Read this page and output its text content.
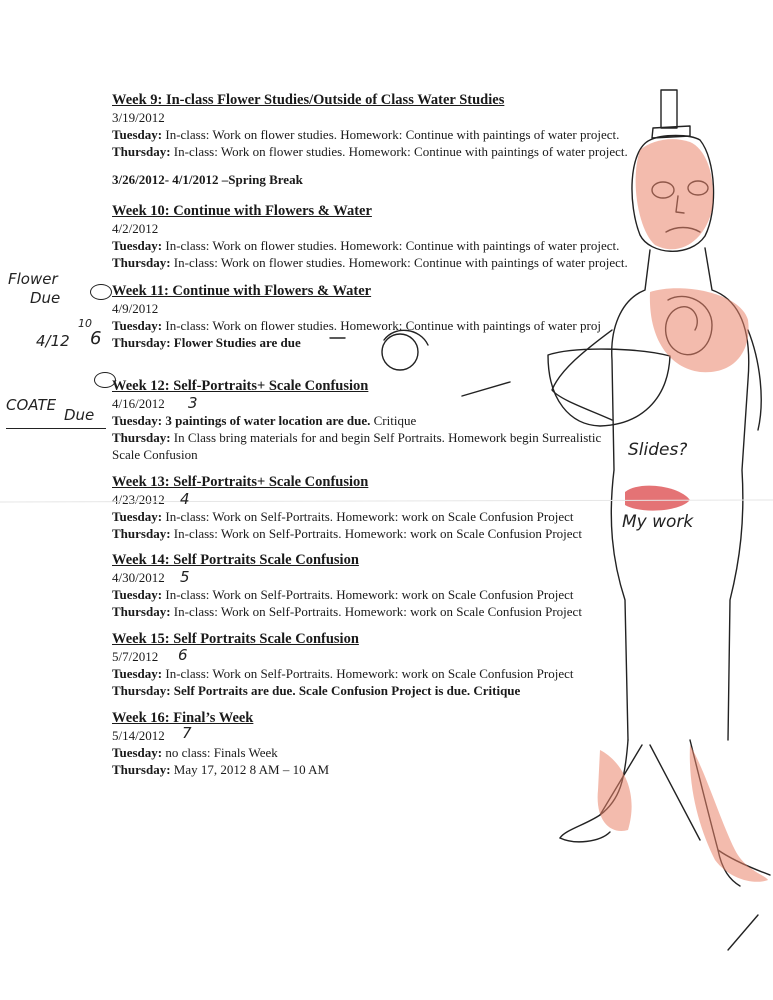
Week 9: In-class Flower Studies/Outside of Class Water Studies
3/19/2012
Tuesday: In-class: Work on flower studies. Homework: Continue with paintings of water project.
Thursday: In-class: Work on flower studies. Homework: Continue with paintings of water project.
3/26/2012- 4/1/2012 –Spring Break
Week 10: Continue with Flowers & Water
4/2/2012
Tuesday: In-class: Work on flower studies. Homework: Continue with paintings of water project.
Thursday: In-class: Work on flower studies. Homework: Continue with paintings of water project.
Week 11: Continue with Flowers & Water
4/9/2012
Tuesday: In-class: Work on flower studies. Homework: Continue with paintings of water proj
Thursday: Flower Studies are due
Week 12: Self-Portraits+ Scale Confusion
4/16/2012
Tuesday: 3 paintings of water location are due. Critique
Thursday: In Class bring materials for and begin Self Portraits. Homework begin Surrealistic Scale Confusion
Week 13: Self-Portraits+ Scale Confusion
4/23/2012
Tuesday: In-class: Work on Self-Portraits. Homework: work on Scale Confusion Project
Thursday: In-class: Work on Self-Portraits. Homework: work on Scale Confusion Project
Week 14: Self Portraits Scale Confusion
4/30/2012
Tuesday: In-class: Work on Self-Portraits. Homework: work on Scale Confusion Project
Thursday: In-class: Work on Self-Portraits. Homework: work on Scale Confusion Project
Week 15: Self Portraits Scale Confusion
5/7/2012
Tuesday: In-class: Work on Self-Portraits. Homework: work on Scale Confusion Project
Thursday: Self Portraits are due. Scale Confusion Project is due. Critique
Week 16: Final’s Week
5/14/2012
Tuesday: no class: Finals Week
Thursday: May 17, 2012 8 AM – 10 AM
Flower
Due
10
4/12 6
COATE
Due
3
4
5
6
7
Slides?
My work
